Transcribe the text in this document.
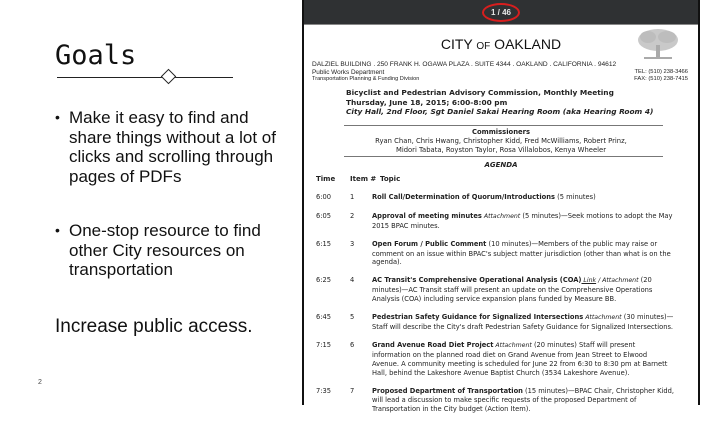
Goals
• Make it easy to find and share things without a lot of clicks and scrolling through pages of PDFs
• One-stop resource to find other City resources on transportation
Increase public access.
2
1 / 46
CITY OF OAKLAND
DALZIEL BUILDING . 250 FRANK H. OGAWA PLAZA . SUITE 4344 . OAKLAND . CALIFORNIA . 94612
Public Works Department
Transportation Planning & Funding Division
TEL: (510) 238-3466
FAX: (510) 238-7415
Bicyclist and Pedestrian Advisory Commission, Monthly Meeting
Thursday, June 18, 2015; 6:00-8:00 pm
City Hall, 2nd Floor, Sgt Daniel Sakai Hearing Room (aka Hearing Room 4)
Commissioners
Ryan Chan, Chris Hwang, Christopher Kidd, Fred McWilliams, Robert Prinz,
Midori Tabata, Royston Taylor, Rosa Villalobos, Kenya Wheeler
AGENDA
Time	Item # Topic
6:00	1	Roll Call/Determination of Quorum/Introductions (5 minutes)
6:05	2	Approval of meeting minutes Attachment (5 minutes)—Seek motions to adopt the May 2015 BPAC minutes.
6:15	3	Open Forum / Public Comment (10 minutes)—Members of the public may raise or comment on an issue within BPAC's subject matter jurisdiction (other than what is on the agenda).
6:25	4	AC Transit's Comprehensive Operational Analysis (COA) Link / Attachment (20 minutes)—AC Transit staff will present an update on the Comprehensive Operations Analysis (COA) including service expansion plans funded by Measure BB.
6:45	5	Pedestrian Safety Guidance for Signalized Intersections Attachment (30 minutes)—Staff will describe the City's draft Pedestrian Safety Guidance for Signalized Intersections.
7:15	6	Grand Avenue Road Diet Project Attachment (20 minutes) Staff will present information on the planned road diet on Grand Avenue from Jean Street to Elwood Avenue. A community meeting is scheduled for June 22 from 6:30 to 8:30 pm at Barnett Hall, behind the Lakeshore Avenue Baptist Church (3534 Lakeshore Avenue).
7:35	7	Proposed Department of Transportation (15 minutes)—BPAC Chair, Christopher Kidd, will lead a discussion to make specific requests of the proposed Department of Transportation in the City budget (Action Item).
